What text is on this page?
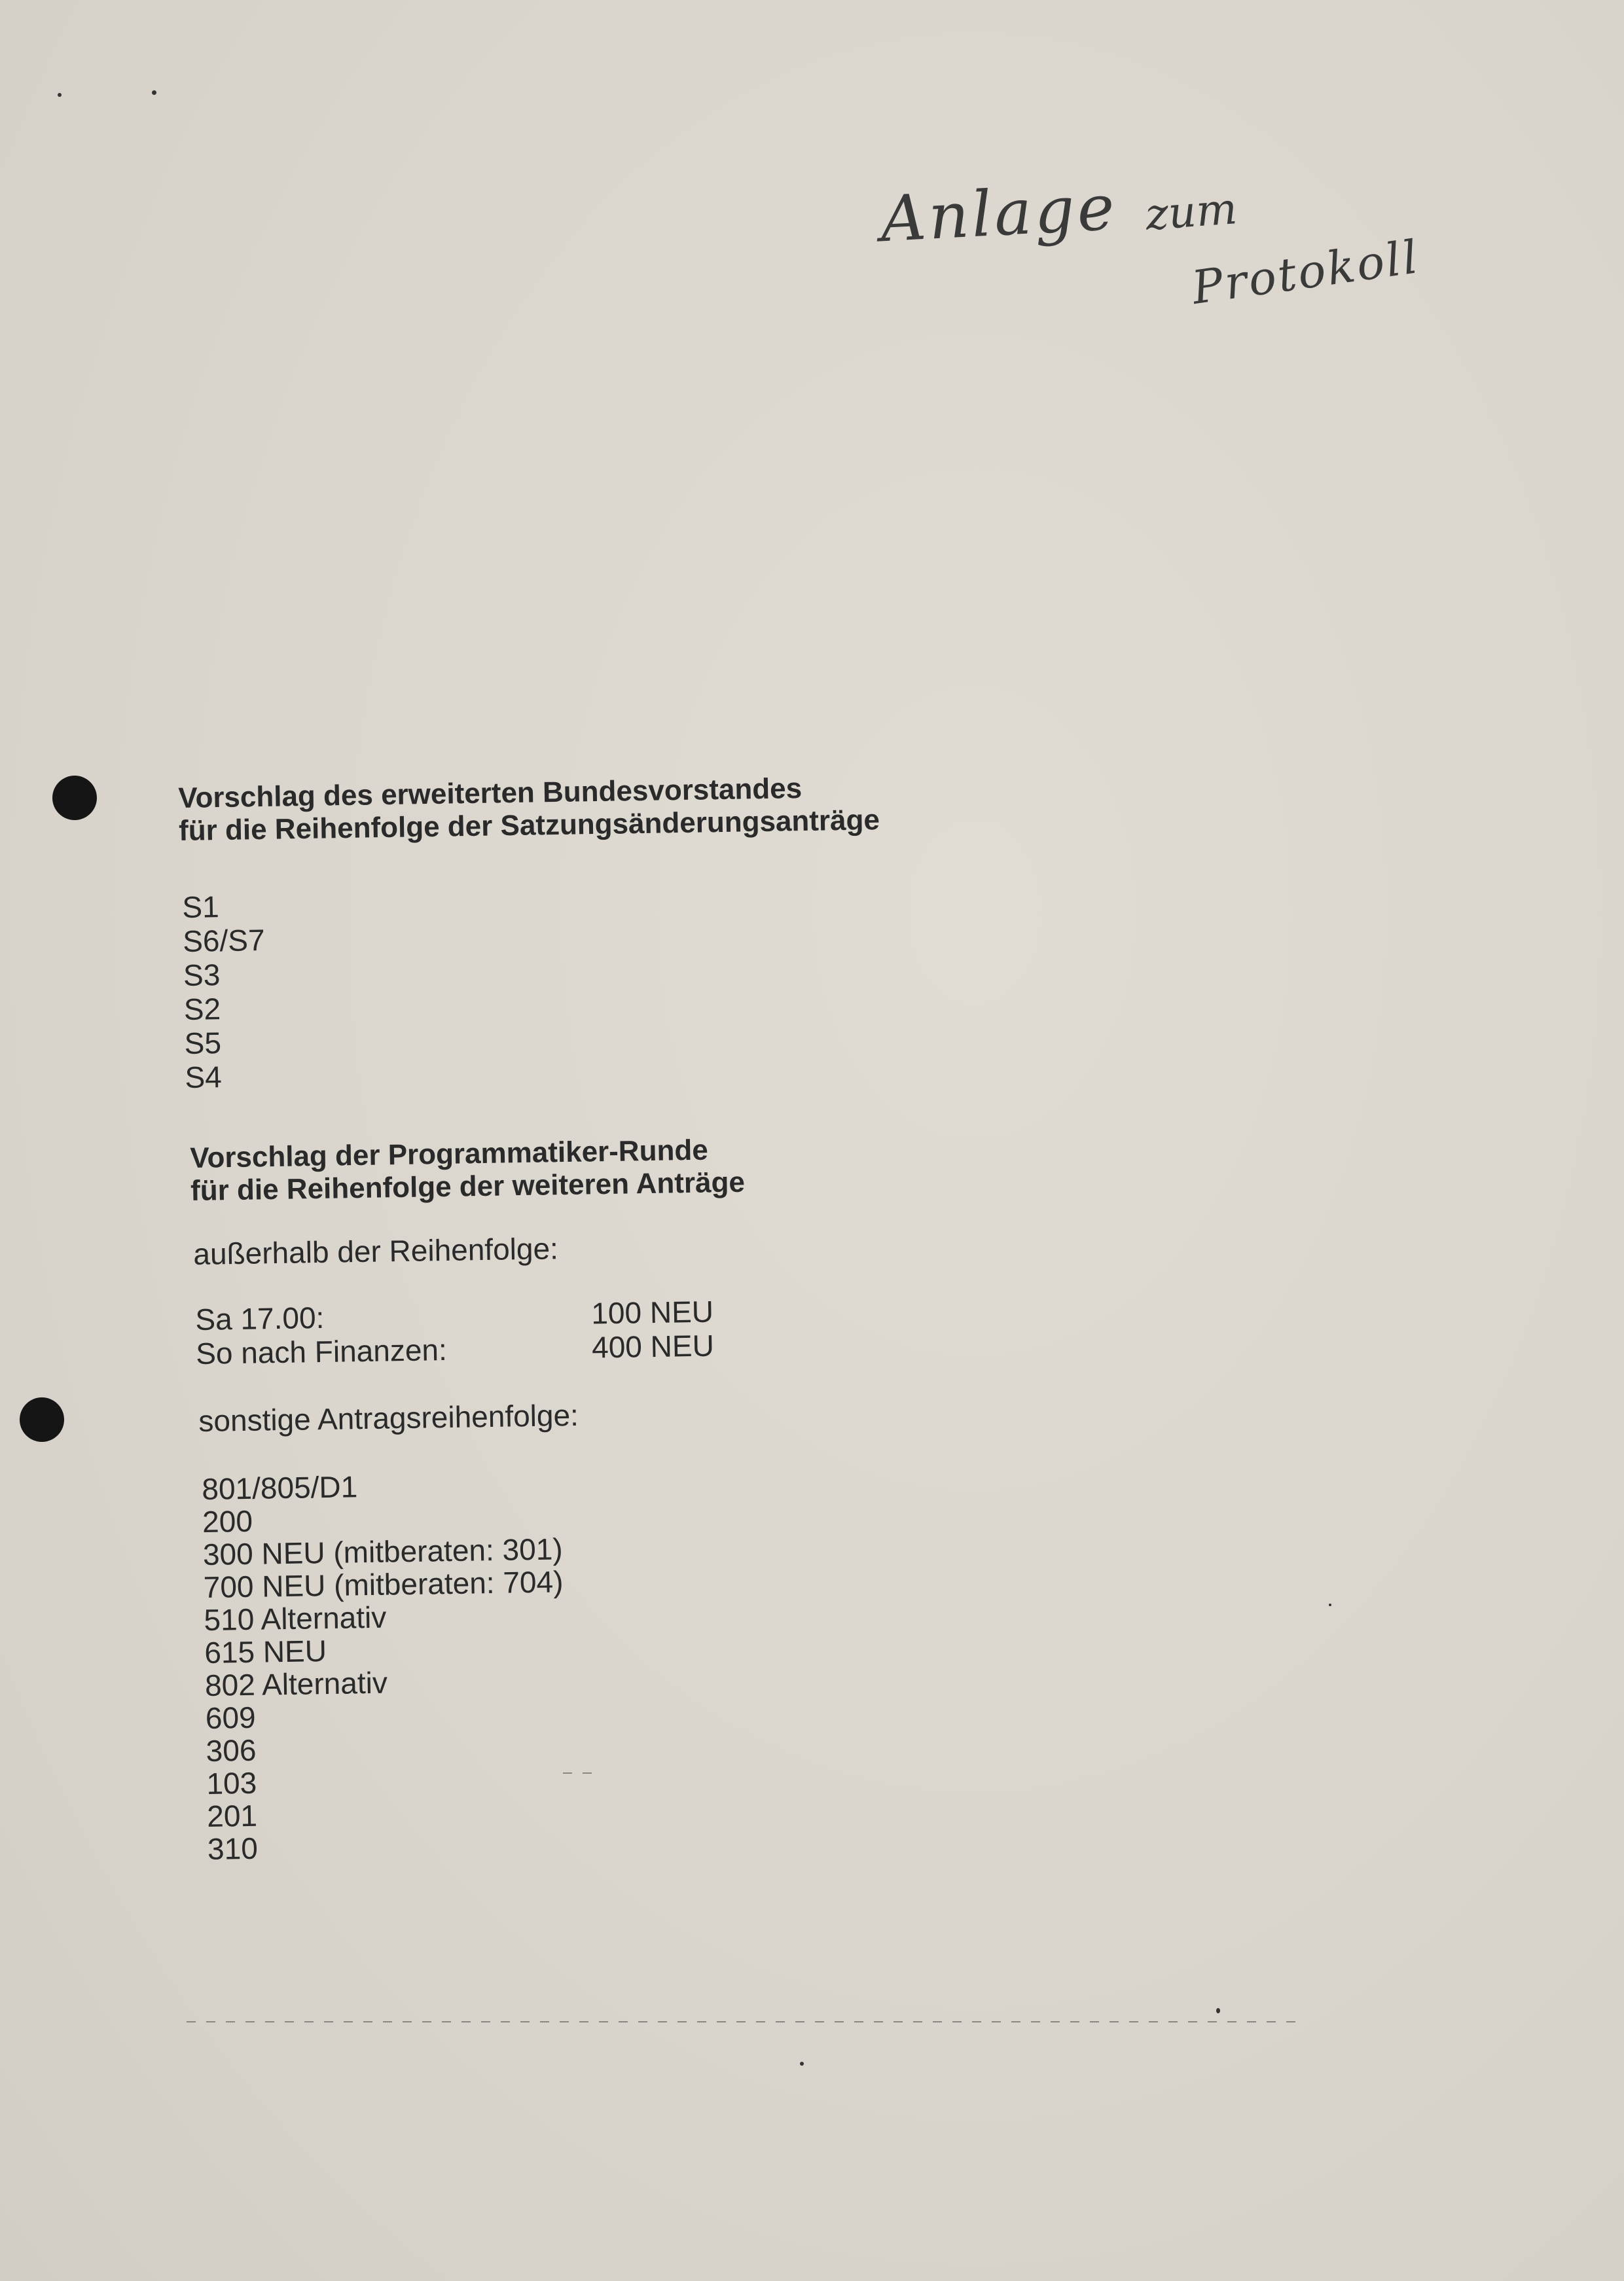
Anlage zum
Protokoll
Vorschlag des erweiterten Bundesvorstandes
für die Reihenfolge der Satzungsänderungsanträge
S1
S6/S7
S3
S2
S5
S4
Vorschlag der Programmatiker-Runde
für die Reihenfolge der weiteren Anträge
außerhalb der Reihenfolge:
Sa 17.00:	100 NEU
So nach Finanzen:	400 NEU
sonstige Antragsreihenfolge:
801/805/D1
200
300 NEU (mitberaten: 301)
700 NEU (mitberaten: 704)
510 Alternativ
615 NEU
802 Alternativ
609
306
103
201
310
